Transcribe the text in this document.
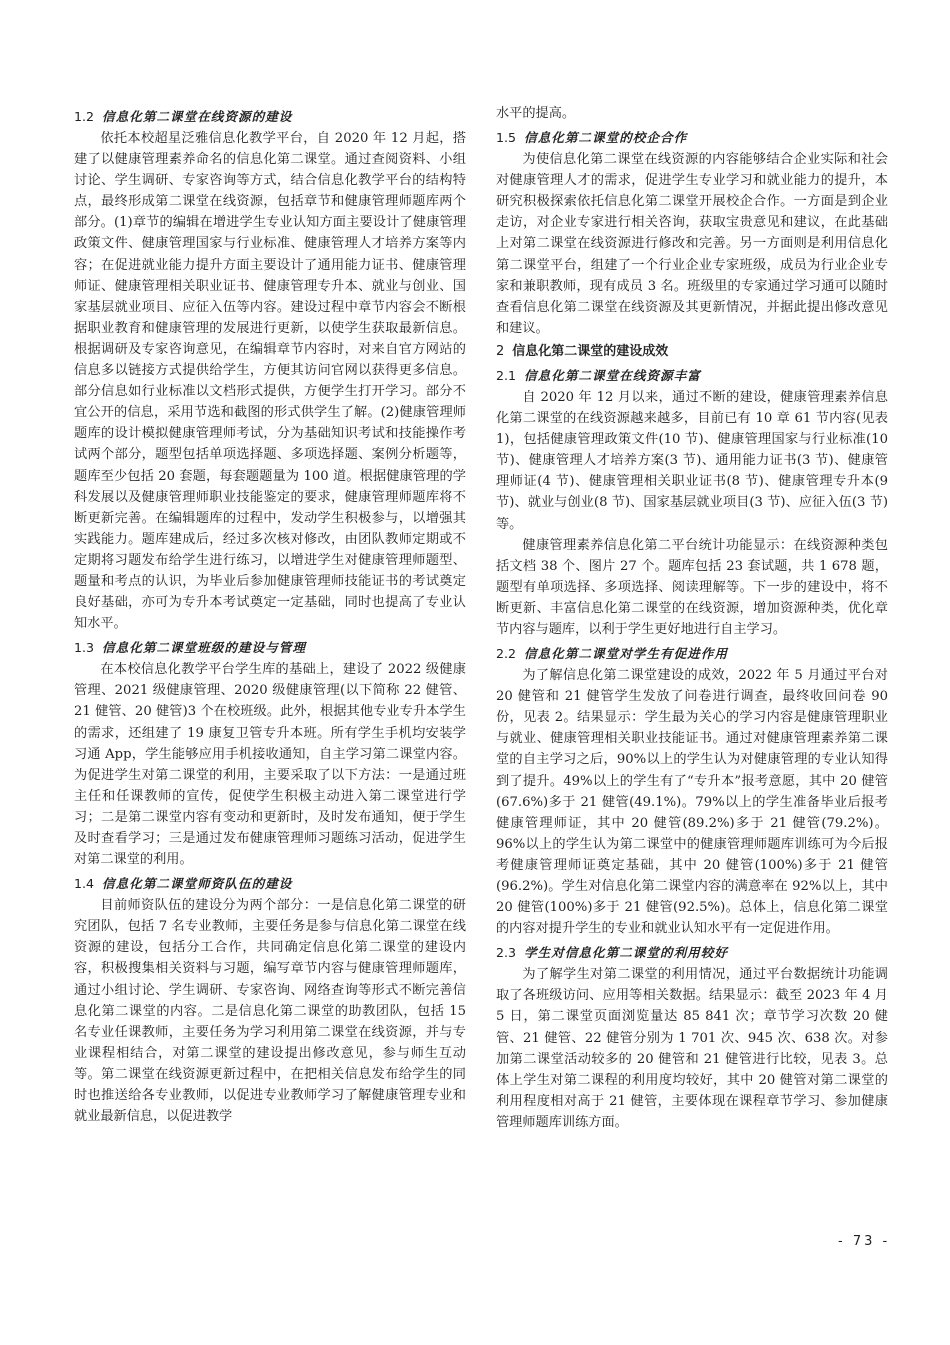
1.2 信息化第二课堂在线资源的建设

依托本校超星泛雅信息化教学平台，自 2020 年 12 月起，搭建了以健康管理素养命名的信息化第二课堂。通过查阅资料、小组讨论、学生调研、专家咨询等方式，结合信息化教学平台的结构特点，最终形成第二课堂在线资源，包括章节和健康管理师题库两个部分。(1)章节的编辑在增进学生专业认知方面主要设计了健康管理政策文件、健康管理国家与行业标准、健康管理人才培养方案等内容；在促进就业能力提升方面主要设计了通用能力证书、健康管理师证、健康管理相关职业证书、健康管理专升本、就业与创业、国家基层就业项目、应征入伍等内容。建设过程中章节内容会不断根据职业教育和健康管理的发展进行更新，以使学生获取最新信息。根据调研及专家咨询意见，在编辑章节内容时，对来自官方网站的信息多以链接方式提供给学生，方便其访问官网以获得更多信息。部分信息如行业标准以文档形式提供，方便学生打开学习。部分不宜公开的信息，采用节选和截图的形式供学生了解。(2)健康管理师题库的设计模拟健康管理师考试，分为基础知识考试和技能操作考试两个部分，题型包括单项选择题、多项选择题、案例分析题等，题库至少包括 20 套题，每套题题量为 100 道。根据健康管理的学科发展以及健康管理师职业技能鉴定的要求，健康管理师题库将不断更新完善。在编辑题库的过程中，发动学生积极参与，以增强其实践能力。题库建成后，经过多次核对修改，由团队教师定期或不定期将习题发布给学生进行练习，以增进学生对健康管理师题型、题量和考点的认识，为毕业后参加健康管理师技能证书的考试奠定良好基础，亦可为专升本考试奠定一定基础，同时也提高了专业认知水平。

1.3 信息化第二课堂班级的建设与管理

在本校信息化教学平台学生库的基础上，建设了 2022 级健康管理、2021 级健康管理、2020 级健康管理(以下简称 22 健管、21 健管、20 健管)3 个在校班级。此外，根据其他专业专升本学生的需求，还组建了 19 康复卫管专升本班。所有学生手机均安装学习通 App，学生能够应用手机接收通知，自主学习第二课堂内容。为促进学生对第二课堂的利用，主要采取了以下方法：一是通过班主任和任课教师的宣传，促使学生积极主动进入第二课堂进行学习；二是第二课堂内容有变动和更新时，及时发布通知，便于学生及时查看学习；三是通过发布健康管理师习题练习活动，促进学生对第二课堂的利用。

1.4 信息化第二课堂师资队伍的建设

目前师资队伍的建设分为两个部分：一是信息化第二课堂的研究团队，包括 7 名专业教师，主要任务是参与信息化第二课堂在线资源的建设，包括分工合作，共同确定信息化第二课堂的建设内容，积极搜集相关资料与习题，编写章节内容与健康管理师题库，通过小组讨论、学生调研、专家咨询、网络查询等形式不断完善信息化第二课堂的内容。二是信息化第二课堂的助教团队，包括 15 名专业任课教师，主要任务为学习利用第二课堂在线资源，并与专业课程相结合，对第二课堂的建设提出修改意见，参与师生互动等。第二课堂在线资源更新过程中，在把相关信息发布给学生的同时也推送给各专业教师，以促进专业教师学习了解健康管理专业和就业最新信息，以促进教学

水平的提高。

1.5 信息化第二课堂的校企合作

为使信息化第二课堂在线资源的内容能够结合企业实际和社会对健康管理人才的需求，促进学生专业学习和就业能力的提升，本研究积极探索依托信息化第二课堂开展校企合作。一方面是到企业走访，对企业专家进行相关咨询，获取宝贵意见和建议，在此基础上对第二课堂在线资源进行修改和完善。另一方面则是利用信息化第二课堂平台，组建了一个行业企业专家班级，成员为行业企业专家和兼职教师，现有成员 3 名。班级里的专家通过学习通可以随时查看信息化第二课堂在线资源及其更新情况，并据此提出修改意见和建议。

2 信息化第二课堂的建设成效
2.1 信息化第二课堂在线资源丰富

自 2020 年 12 月以来，通过不断的建设，健康管理素养信息化第二课堂的在线资源越来越多，目前已有 10 章 61 节内容(见表 1)，包括健康管理政策文件(10 节)、健康管理国家与行业标准(10 节)、健康管理人才培养方案(3 节)、通用能力证书(3 节)、健康管理师证(4 节)、健康管理相关职业证书(8 节)、健康管理专升本(9 节)、就业与创业(8 节)、国家基层就业项目(3 节)、应征入伍(3 节)等。

健康管理素养信息化第二平台统计功能显示：在线资源种类包括文档 38 个、图片 27 个。题库包括 23 套试题，共 1 678 题，题型有单项选择、多项选择、阅读理解等。下一步的建设中，将不断更新、丰富信息化第二课堂的在线资源，增加资源种类，优化章节内容与题库，以利于学生更好地进行自主学习。

2.2 信息化第二课堂对学生有促进作用

为了解信息化第二课堂建设的成效，2022 年 5 月通过平台对 20 健管和 21 健管学生发放了问卷进行调查，最终收回问卷 90 份，见表 2。结果显示：学生最为关心的学习内容是健康管理职业与就业、健康管理相关职业技能证书。通过对健康管理素养第二课堂的自主学习之后，90%以上的学生认为对健康管理的专业认知得到了提升。49%以上的学生有了“专升本”报考意愿，其中 20 健管(67.6%)多于 21 健管(49.1%)。79%以上的学生准备毕业后报考健康管理师证，其中 20 健管(89.2%)多于 21 健管(79.2%)。96%以上的学生认为第二课堂中的健康管理师题库训练可为今后报考健康管理师证奠定基础，其中 20 健管(100%)多于 21 健管(96.2%)。学生对信息化第二课堂内容的满意率在 92%以上，其中 20 健管(100%)多于 21 健管(92.5%)。总体上，信息化第二课堂的内容对提升学生的专业和就业认知水平有一定促进作用。

2.3 学生对信息化第二课堂的利用较好

为了解学生对第二课堂的利用情况，通过平台数据统计功能调取了各班级访问、应用等相关数据。结果显示：截至 2023 年 4 月 5 日，第二课堂页面浏览量达 85 841 次；章节学习次数 20 健管、21 健管、22 健管分别为 1 701 次、945 次、638 次。对参加第二课堂活动较多的 20 健管和 21 健管进行比较，见表 3。总体上学生对第二课程的利用度均较好，其中 20 健管对第二课堂的利用程度相对高于 21 健管，主要体现在课程章节学习、参加健康管理师题库训练方面。

- 73 -
